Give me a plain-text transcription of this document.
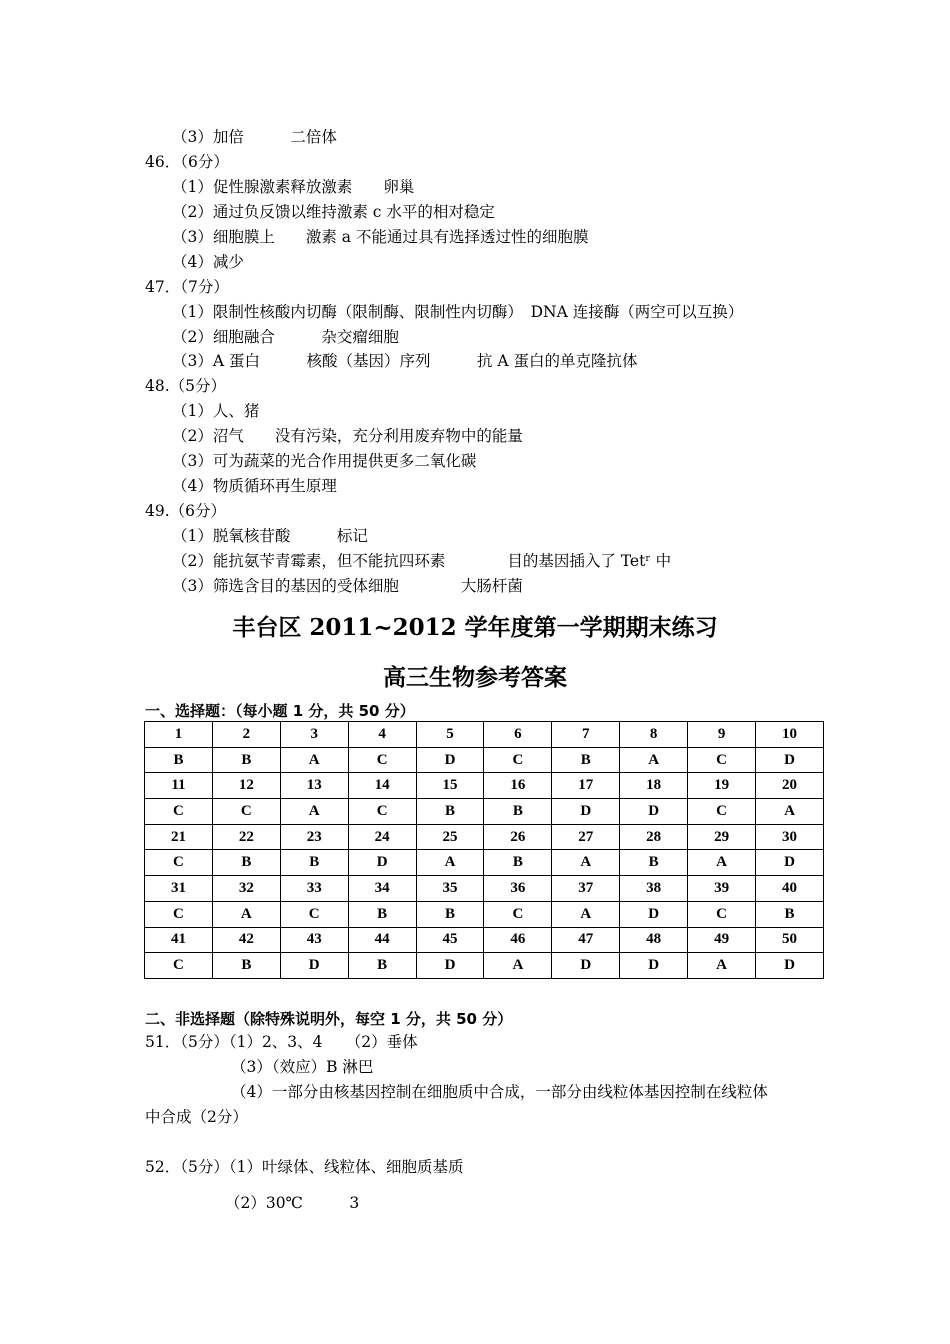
（3）加倍　　　二倍体
46．（6分）
（1）促性腺激素释放激素　　卵巢
（2）通过负反馈以维持激素 c 水平的相对稳定
（3）细胞膜上　　激素 a 不能通过具有选择透过性的细胞膜
（4）减少
47．（7分）
（1）限制性核酸内切酶（限制酶、限制性内切酶）　DNA 连接酶（两空可以互换）
（2）细胞融合　　　杂交瘤细胞
（3）A 蛋白　　　核酸（基因）序列　　　抗 A 蛋白的单克隆抗体
48.（5分）
（1）人、猪
（2）沼气　　没有污染，充分利用废弃物中的能量
（3）可为蔬菜的光合作用提供更多二氧化碳
（4）物质循环再生原理
49.（6分）
（1）脱氧核苷酸　　　标记
（2）能抗氨苄青霉素，但不能抗四环素　　　　目的基因插入了 Tetʳ 中
（3）筛选含目的基因的受体细胞　　　　大肠杆菌
丰台区 2011~2012 学年度第一学期期末练习
高三生物参考答案
一、选择题：（每小题 1 分，共 50 分）
1	2	3	4	5	6	7	8	9	10
B	B	A	C	D	C	B	A	C	D
11	12	13	14	15	16	17	18	19	20
C	C	A	C	B	B	D	D	C	A
21	22	23	24	25	26	27	28	29	30
C	B	B	D	A	B	A	B	A	D
31	32	33	34	35	36	37	38	39	40
C	A	C	B	B	C	A	D	C	B
41	42	43	44	45	46	47	48	49	50
C	B	D	B	D	A	D	D	A	D
二、非选择题（除特殊说明外，每空 1 分，共 50 分）
51．（5分）（1）2、3、4　　（2）垂体
（3）（效应）B 淋巴
（4）一部分由核基因控制在细胞质中合成，一部分由线粒体基因控制在线粒体
中合成（2分）
52．（5分）（1）叶绿体、线粒体、细胞质基质
（2）30℃　　　3
